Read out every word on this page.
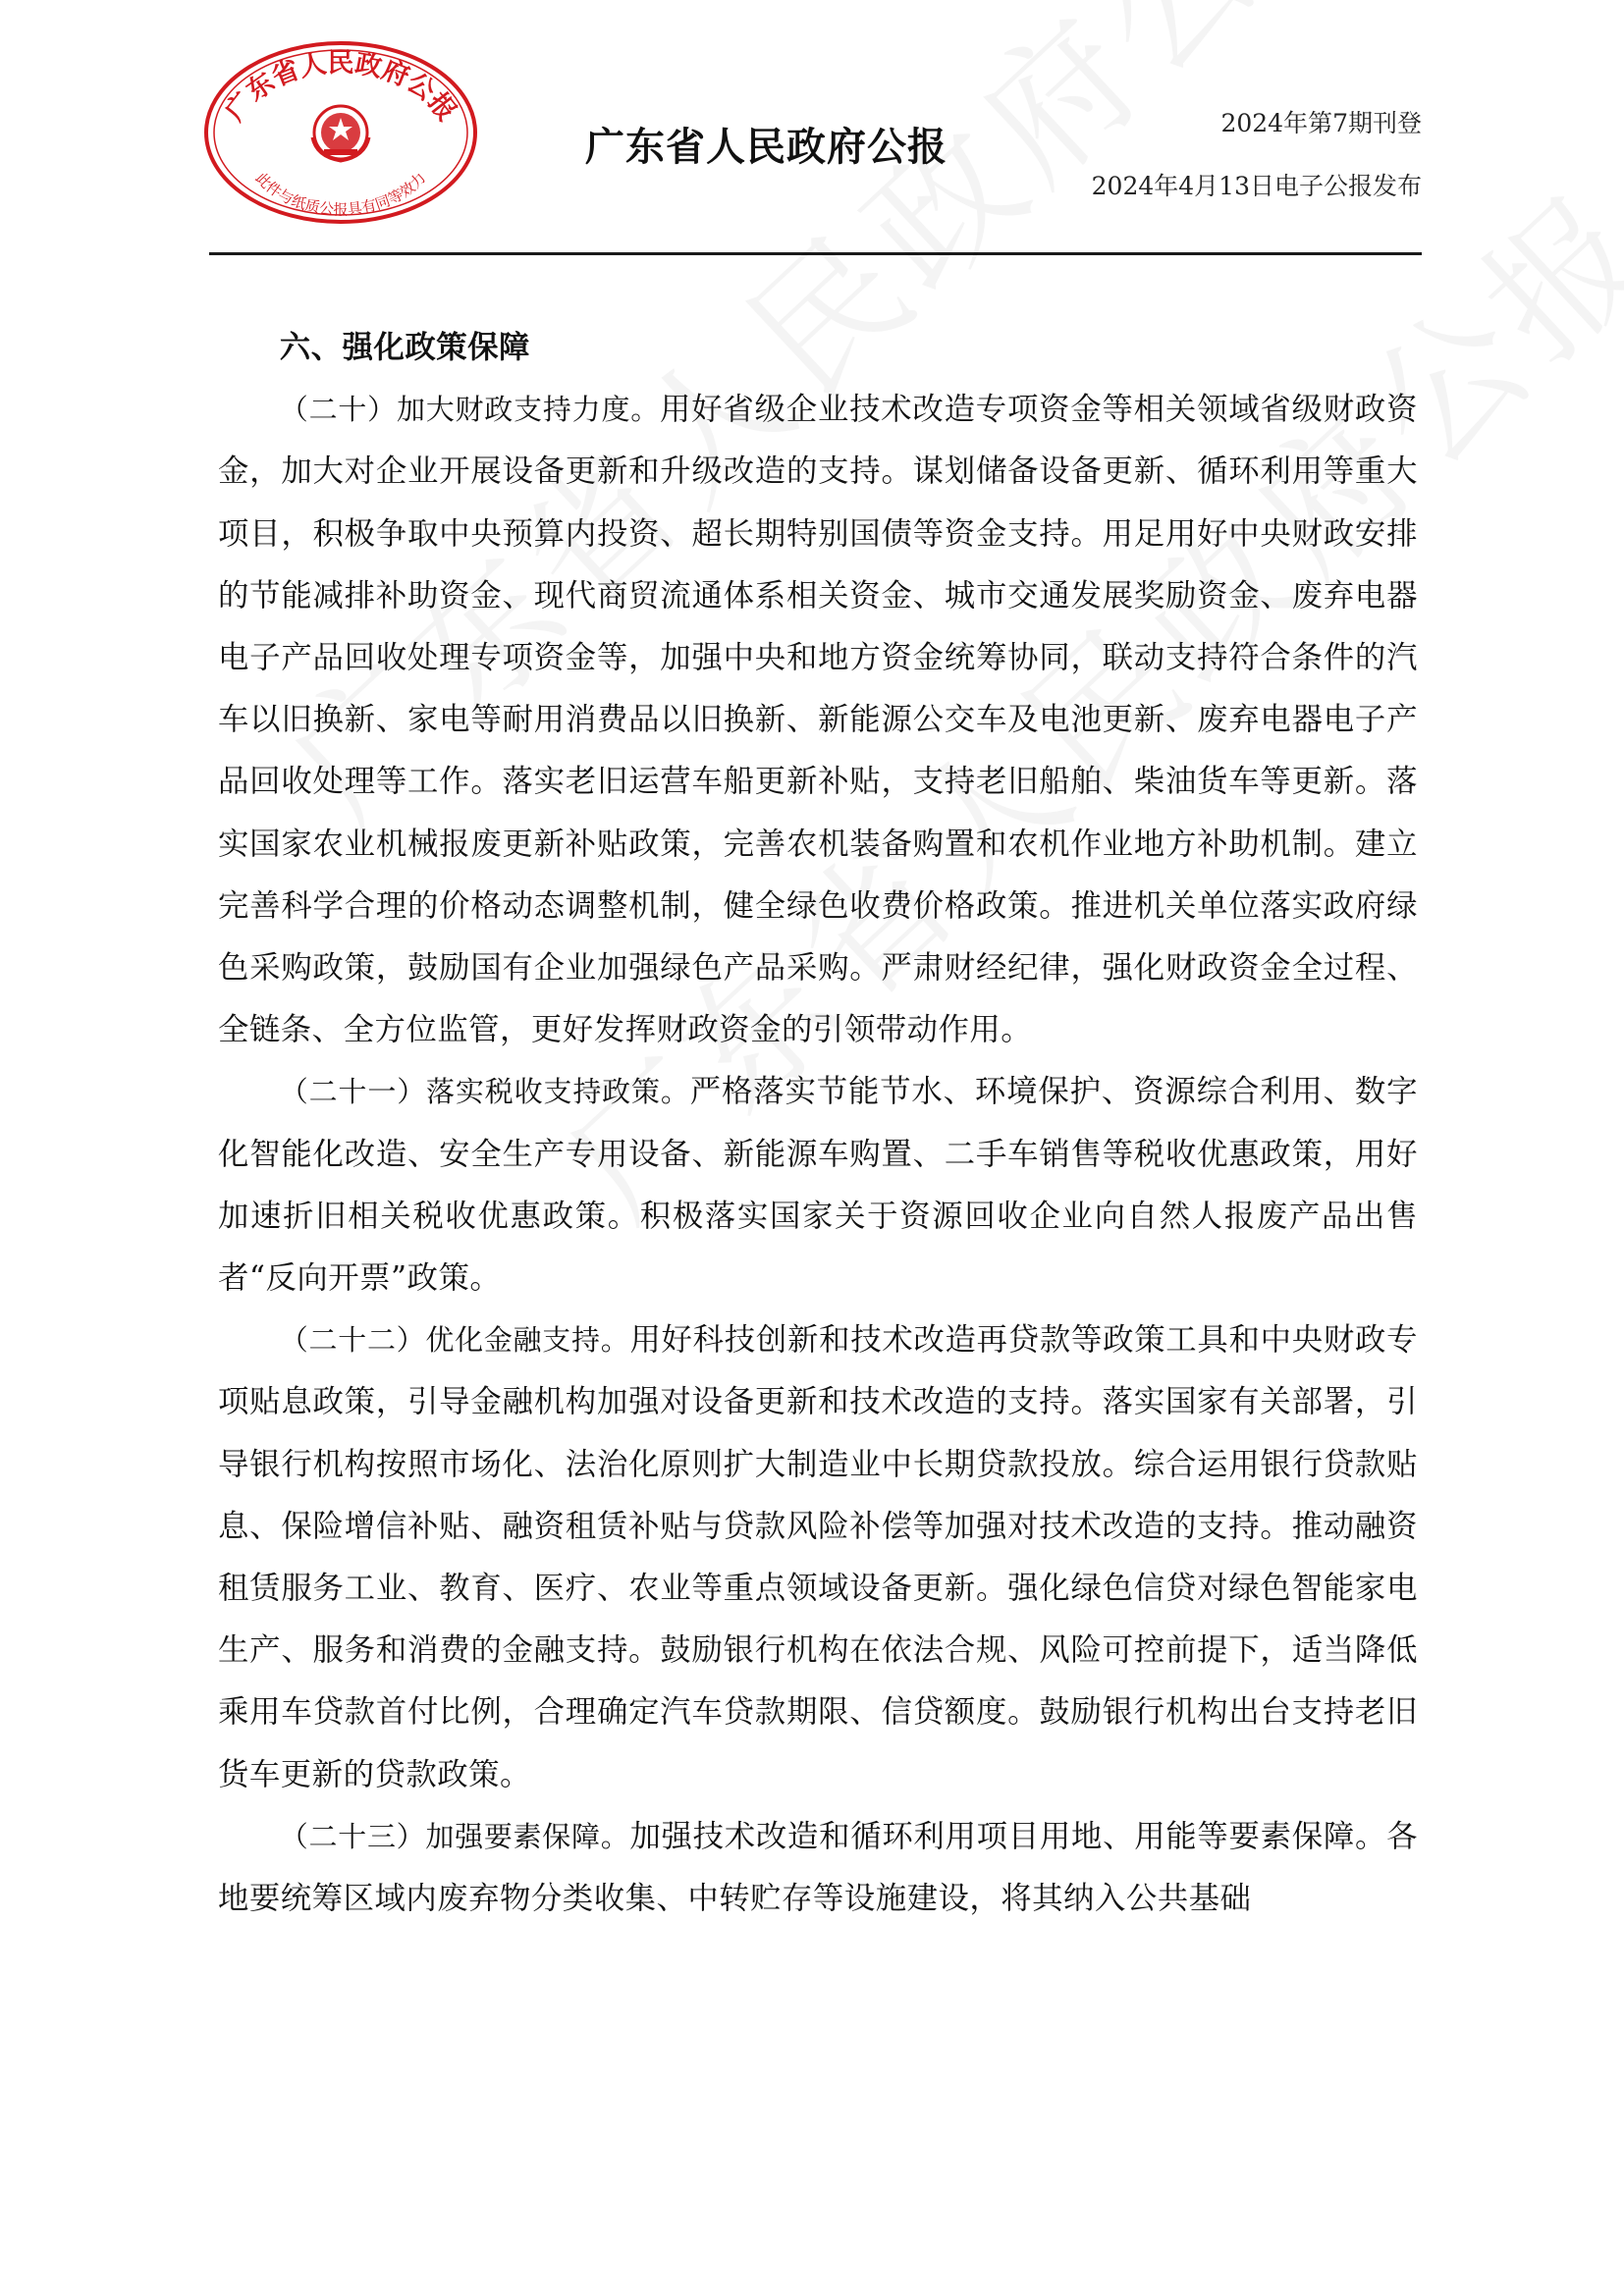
广东省人民政府公报
此件与纸质公报具有同等效力
广东省人民政府公报
2024年第7期刊登
2024年4月13日电子公报发布
六、强化政策保障

（二十）加大财政支持力度。用好省级企业技术改造专项资金等相关领域省级财政资金，加大对企业开展设备更新和升级改造的支持。谋划储备设备更新、循环利用等重大项目，积极争取中央预算内投资、超长期特别国债等资金支持。用足用好中央财政安排的节能减排补助资金、现代商贸流通体系相关资金、城市交通发展奖励资金、废弃电器电子产品回收处理专项资金等，加强中央和地方资金统筹协同，联动支持符合条件的汽车以旧换新、家电等耐用消费品以旧换新、新能源公交车及电池更新、废弃电器电子产品回收处理等工作。落实老旧运营车船更新补贴，支持老旧船舶、柴油货车等更新。落实国家农业机械报废更新补贴政策，完善农机装备购置和农机作业地方补助机制。建立完善科学合理的价格动态调整机制，健全绿色收费价格政策。推进机关单位落实政府绿色采购政策，鼓励国有企业加强绿色产品采购。严肃财经纪律，强化财政资金全过程、全链条、全方位监管，更好发挥财政资金的引领带动作用。

（二十一）落实税收支持政策。严格落实节能节水、环境保护、资源综合利用、数字化智能化改造、安全生产专用设备、新能源车购置、二手车销售等税收优惠政策，用好加速折旧相关税收优惠政策。积极落实国家关于资源回收企业向自然人报废产品出售者“反向开票”政策。

（二十二）优化金融支持。用好科技创新和技术改造再贷款等政策工具和中央财政专项贴息政策，引导金融机构加强对设备更新和技术改造的支持。落实国家有关部署，引导银行机构按照市场化、法治化原则扩大制造业中长期贷款投放。综合运用银行贷款贴息、保险增信补贴、融资租赁补贴与贷款风险补偿等加强对技术改造的支持。推动融资租赁服务工业、教育、医疗、农业等重点领域设备更新。强化绿色信贷对绿色智能家电生产、服务和消费的金融支持。鼓励银行机构在依法合规、风险可控前提下，适当降低乘用车贷款首付比例，合理确定汽车贷款期限、信贷额度。鼓励银行机构出台支持老旧货车更新的贷款政策。

（二十三）加强要素保障。加强技术改造和循环利用项目用地、用能等要素保障。各地要统筹区域内废弃物分类收集、中转贮存等设施建设，将其纳入公共基础
